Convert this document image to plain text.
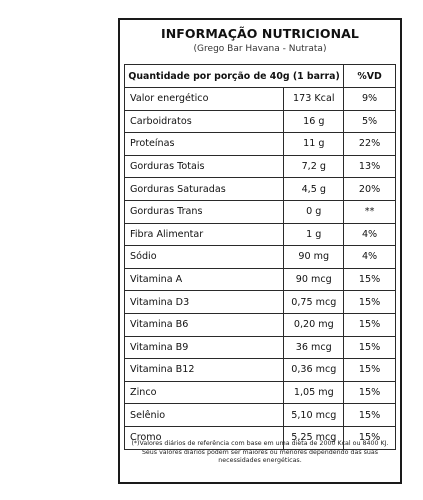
INFORMAÇÃO NUTRICIONAL
(Grego Bar Havana - Nutrata)
Quantidade por porção de 40g (1 barra)		%VD
Valor energético	173 Kcal	9%
Carboidratos	16 g	5%
Proteínas	11 g	22%
Gorduras Totais	7,2 g	13%
Gorduras Saturadas	4,5 g	20%
Gorduras Trans	0 g	**
Fibra Alimentar	1 g	4%
Sódio	90 mg	4%
Vitamina A	90 mcg	15%
Vitamina D3	0,75 mcg	15%
Vitamina B6	0,20 mg	15%
Vitamina B9	36 mcg	15%
Vitamina B12	0,36 mcg	15%
Zinco	1,05 mg	15%
Selênio	5,10 mcg	15%
Cromo	5,25 mcg	15%
(*)Valores diários de referência com base em uma dieta de 2000 Kcal ou 8400 KJ. Seus valores diários podem ser maiores ou menores dependendo das suas necessidades energéticas.
